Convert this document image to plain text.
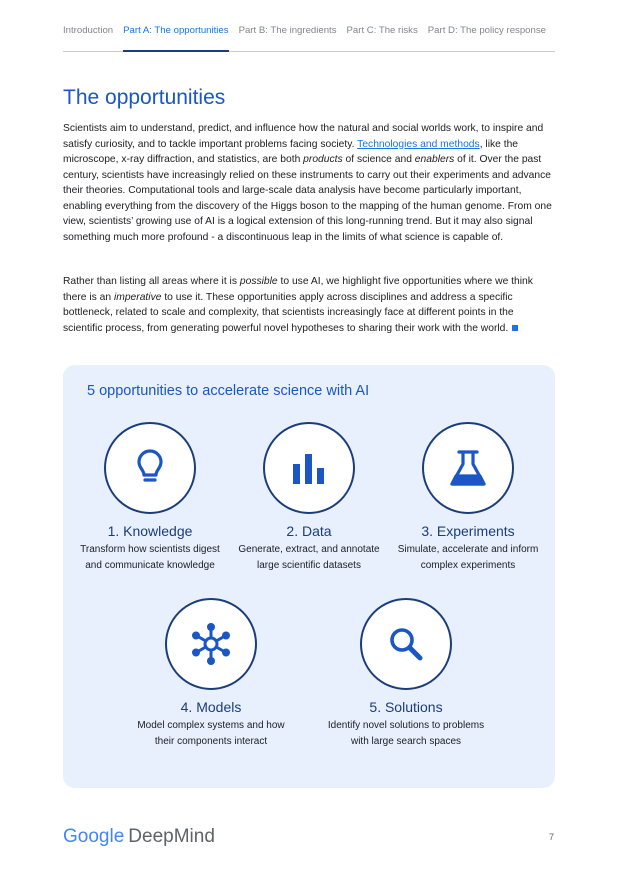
Introduction Part A: The opportunities Part B: The ingredients Part C: The risks Part D: The policy response
The opportunities

Scientists aim to understand, predict, and influence how the natural and social worlds work, to inspire and satisfy curiosity, and to tackle important problems facing society. Technologies and methods, like the microscope, x-ray diffraction, and statistics, are both products of science and enablers of it. Over the past century, scientists have increasingly relied on these instruments to carry out their experiments and advance their theories. Computational tools and large-scale data analysis have become particularly important, enabling everything from the discovery of the Higgs boson to the mapping of the human genome. From one view, scientists’ growing use of AI is a logical extension of this long-running trend. But it may also signal something much more profound - a discontinuous leap in the limits of what science is capable of.

Rather than listing all areas where it is possible to use AI, we highlight five opportunities where we think there is an imperative to use it. These opportunities apply across disciplines and address a specific bottleneck, related to scale and complexity, that scientists increasingly face at different points in the scientific process, from generating powerful novel hypotheses to sharing their work with the world.

5 opportunities to accelerate science with AI
1. Knowledge
Transform how scientists digest
and communicate knowledge
2. Data
Generate, extract, and annotate
large scientific datasets
3. Experiments
Simulate, accelerate and inform
complex experiments
4. Models
Model complex systems and how
their components interact
5. Solutions
Identify novel solutions to problems
with large search spaces
Google DeepMind	7
